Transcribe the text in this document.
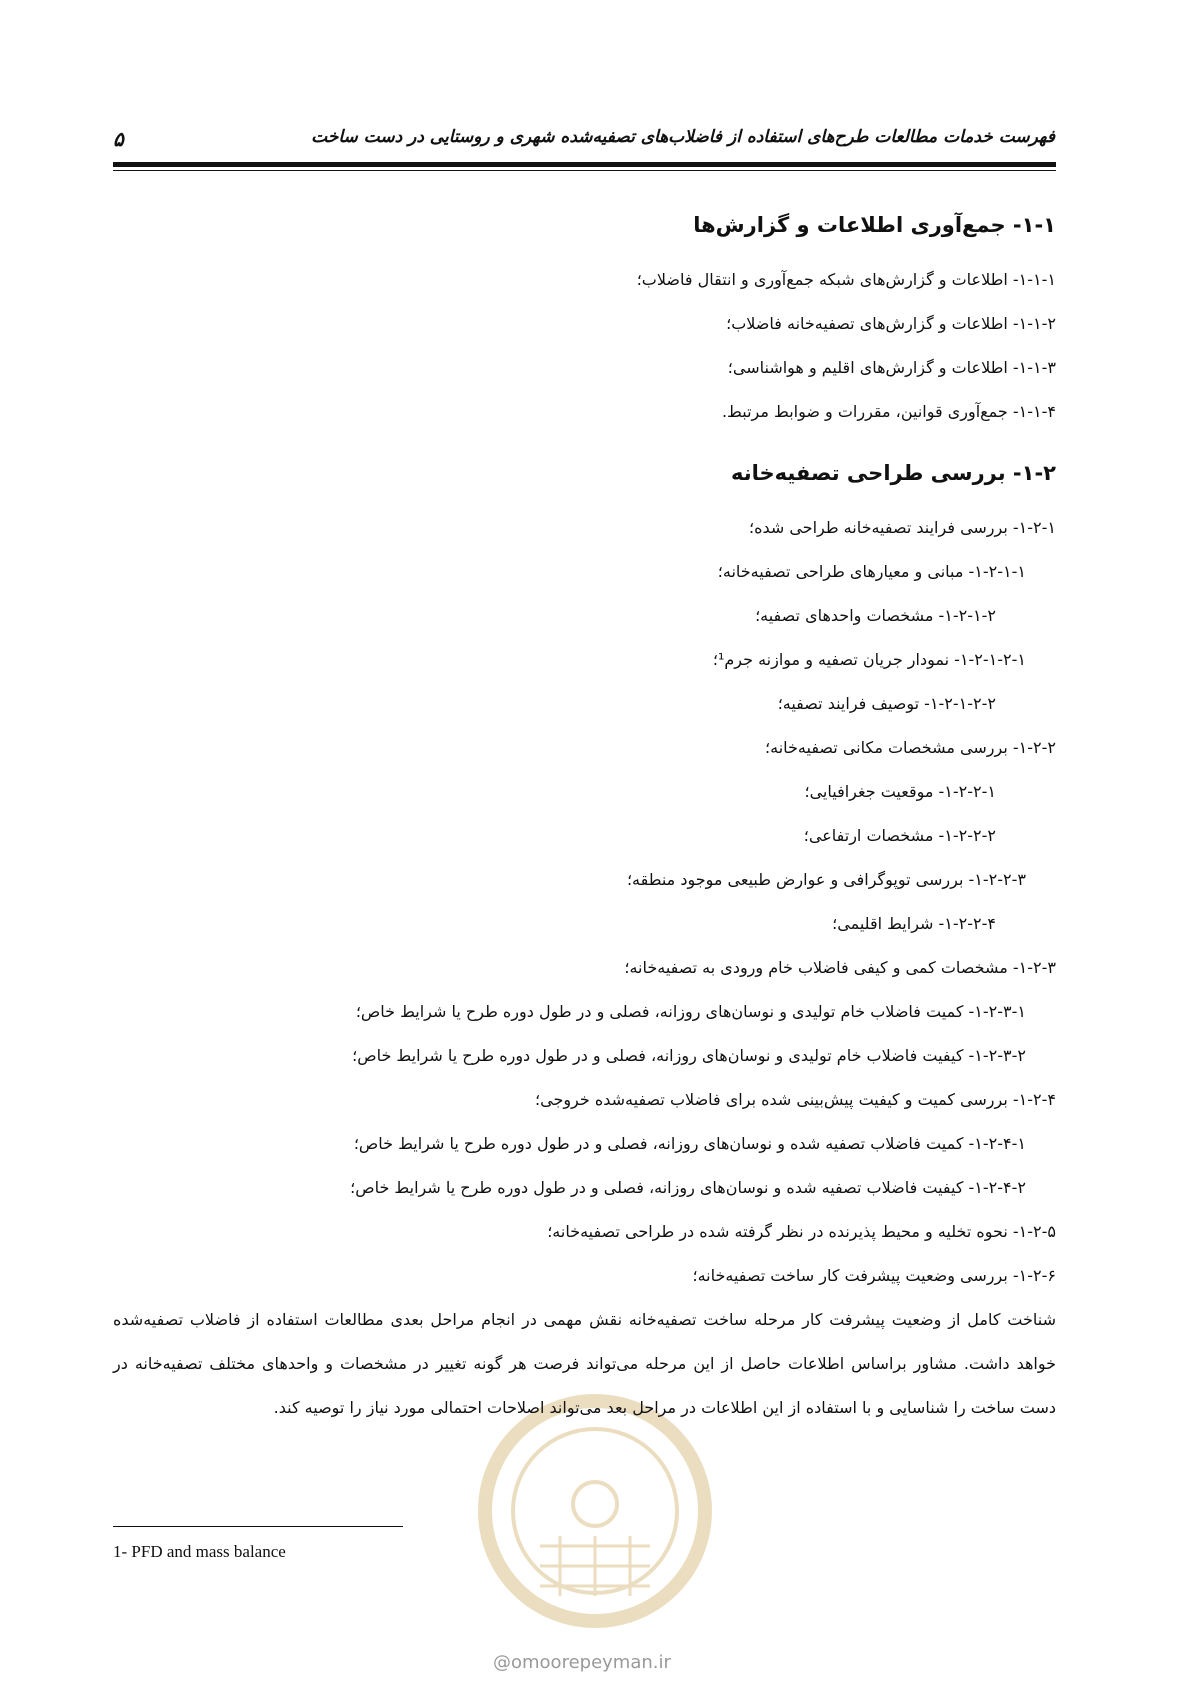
۵	فهرست خدمات مطالعات طرح‌های استفاده از فاضلاب‌های تصفیه‌شده شهری و روستایی در دست ساخت
@omoorepeyman.ir
۱-۱- جمع‌آوری اطلاعات و گزارش‌ها

۱-۱-۱- اطلاعات و گزارش‌های شبکه جمع‌آوری و انتقال فاضلاب؛

۱-۱-۲- اطلاعات و گزارش‌های تصفیه‌خانه فاضلاب؛

۱-۱-۳- اطلاعات و گزارش‌های اقلیم و هواشناسی؛

۱-۱-۴- جمع‌آوری قوانین، مقررات و ضوابط مرتبط.

۱-۲- بررسی طراحی تصفیه‌خانه

۱-۲-۱- بررسی فرایند تصفیه‌خانه طراحی شده؛

۱-۲-۱-۱- مبانی و معیارهای طراحی تصفیه‌خانه؛

۱-۲-۱-۲- مشخصات واحدهای تصفیه؛

۱-۲-۱-۲-۱- نمودار جریان تصفیه و موازنه جرم¹؛

۱-۲-۱-۲-۲- توصیف فرایند تصفیه؛

۱-۲-۲- بررسی مشخصات مکانی تصفیه‌خانه؛

۱-۲-۲-۱- موقعیت جغرافیایی؛

۱-۲-۲-۲- مشخصات ارتفاعی؛

۱-۲-۲-۳- بررسی توپوگرافی و عوارض طبیعی موجود منطقه؛

۱-۲-۲-۴- شرایط اقلیمی؛

۱-۲-۳- مشخصات کمی و کیفی فاضلاب خام ورودی به تصفیه‌خانه؛

۱-۲-۳-۱- کمیت فاضلاب خام تولیدی و نوسان‌های روزانه، فصلی و در طول دوره طرح یا شرایط خاص؛

۱-۲-۳-۲- کیفیت فاضلاب خام تولیدی و نوسان‌های روزانه، فصلی و در طول دوره طرح یا شرایط خاص؛

۱-۲-۴- بررسی کمیت و کیفیت پیش‌بینی شده برای فاضلاب تصفیه‌شده خروجی؛

۱-۲-۴-۱- کمیت فاضلاب تصفیه شده و نوسان‌های روزانه، فصلی و در طول دوره طرح یا شرایط خاص؛

۱-۲-۴-۲- کیفیت فاضلاب تصفیه شده و نوسان‌های روزانه، فصلی و در طول دوره طرح یا شرایط خاص؛

۱-۲-۵- نحوه تخلیه و محیط پذیرنده در نظر گرفته شده در طراحی تصفیه‌خانه؛

۱-۲-۶- بررسی وضعیت پیشرفت کار ساخت تصفیه‌خانه؛

شناخت کامل از وضعیت پیشرفت کار مرحله ساخت تصفیه‌خانه نقش مهمی در انجام مراحل بعدی مطالعات استفاده از فاضلاب تصفیه‌شده خواهد داشت. مشاور براساس اطلاعات حاصل از این مرحله می‌تواند فرصت هر گونه تغییر در مشخصات و واحدهای مختلف تصفیه‌خانه در دست ساخت را شناسایی و با استفاده از این اطلاعات در مراحل بعد می‌تواند اصلاحات احتمالی مورد نیاز را توصیه کند.

1- PFD and mass balance
